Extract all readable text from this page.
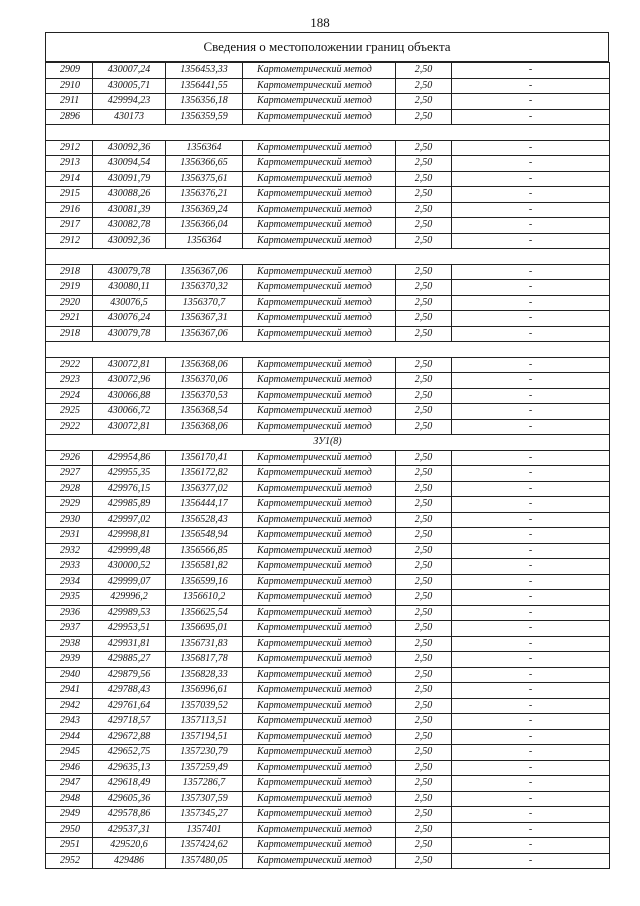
188
Сведения о местоположении границ объекта
2909	430007,24	1356453,33	Картометрический метод	2,50	-
2910	430005,71	1356441,55	Картометрический метод	2,50	-
2911	429994,23	1356356,18	Картометрический метод	2,50	-
2896	430173	1356359,59	Картометрический метод	2,50	-

2912	430092,36	1356364	Картометрический метод	2,50	-
2913	430094,54	1356366,65	Картометрический метод	2,50	-
2914	430091,79	1356375,61	Картометрический метод	2,50	-
2915	430088,26	1356376,21	Картометрический метод	2,50	-
2916	430081,39	1356369,24	Картометрический метод	2,50	-
2917	430082,78	1356366,04	Картометрический метод	2,50	-
2912	430092,36	1356364	Картометрический метод	2,50	-

2918	430079,78	1356367,06	Картометрический метод	2,50	-
2919	430080,11	1356370,32	Картометрический метод	2,50	-
2920	430076,5	1356370,7	Картометрический метод	2,50	-
2921	430076,24	1356367,31	Картометрический метод	2,50	-
2918	430079,78	1356367,06	Картометрический метод	2,50	-

2922	430072,81	1356368,06	Картометрический метод	2,50	-
2923	430072,96	1356370,06	Картометрический метод	2,50	-
2924	430066,88	1356370,53	Картометрический метод	2,50	-
2925	430066,72	1356368,54	Картометрический метод	2,50	-
2922	430072,81	1356368,06	Картометрический метод	2,50	-
ЗУ1(8)					
2926	429954,86	1356170,41	Картометрический метод	2,50	-
2927	429955,35	1356172,82	Картометрический метод	2,50	-
2928	429976,15	1356377,02	Картометрический метод	2,50	-
2929	429985,89	1356444,17	Картометрический метод	2,50	-
2930	429997,02	1356528,43	Картометрический метод	2,50	-
2931	429998,81	1356548,94	Картометрический метод	2,50	-
2932	429999,48	1356566,85	Картометрический метод	2,50	-
2933	430000,52	1356581,82	Картометрический метод	2,50	-
2934	429999,07	1356599,16	Картометрический метод	2,50	-
2935	429996,2	1356610,2	Картометрический метод	2,50	-
2936	429989,53	1356625,54	Картометрический метод	2,50	-
2937	429953,51	1356695,01	Картометрический метод	2,50	-
2938	429931,81	1356731,83	Картометрический метод	2,50	-
2939	429885,27	1356817,78	Картометрический метод	2,50	-
2940	429879,56	1356828,33	Картометрический метод	2,50	-
2941	429788,43	1356996,61	Картометрический метод	2,50	-
2942	429761,64	1357039,52	Картометрический метод	2,50	-
2943	429718,57	1357113,51	Картометрический метод	2,50	-
2944	429672,88	1357194,51	Картометрический метод	2,50	-
2945	429652,75	1357230,79	Картометрический метод	2,50	-
2946	429635,13	1357259,49	Картометрический метод	2,50	-
2947	429618,49	1357286,7	Картометрический метод	2,50	-
2948	429605,36	1357307,59	Картометрический метод	2,50	-
2949	429578,86	1357345,27	Картометрический метод	2,50	-
2950	429537,31	1357401	Картометрический метод	2,50	-
2951	429520,6	1357424,62	Картометрический метод	2,50	-
2952	429486	1357480,05	Картометрический метод	2,50	-
